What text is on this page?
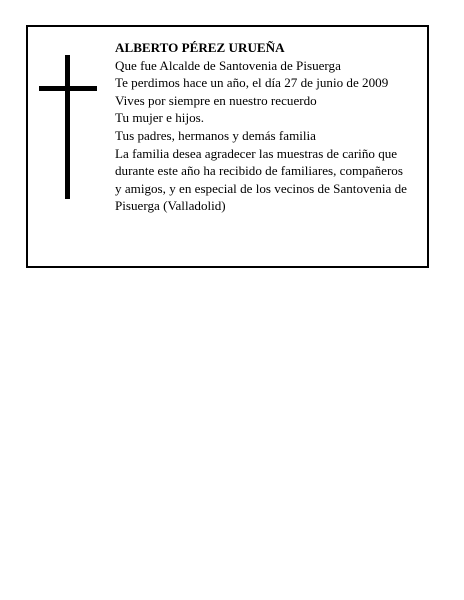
ALBERTO PÉREZ URUEÑA
Que fue Alcalde de Santovenia de Pisuerga
Te perdimos hace un año, el día 27 de junio de 2009
Vives por siempre en nuestro recuerdo
Tu mujer e hijos.
Tus padres, hermanos y demás familia
La familia desea agradecer las muestras de cariño que
durante este año ha recibido de familiares, compañeros
y amigos, y en especial de los vecinos de Santovenia de
Pisuerga (Valladolid)
